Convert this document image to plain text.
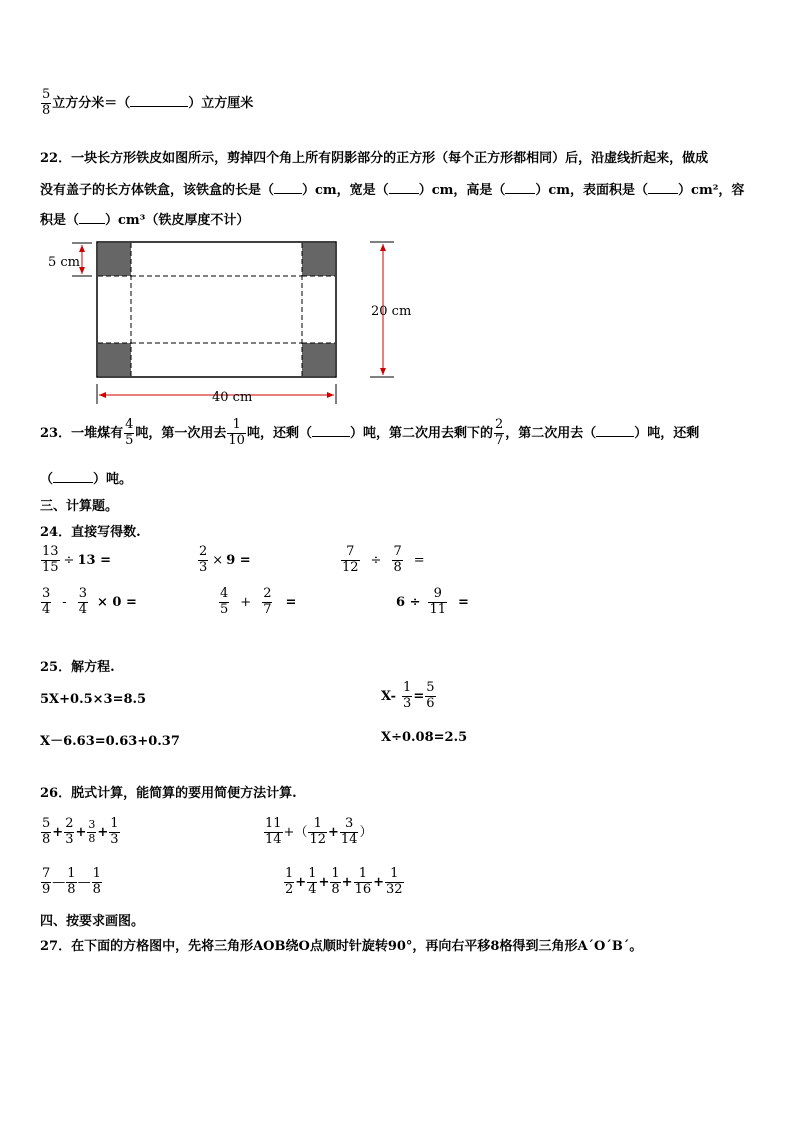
$\frac{5}{8}$ 立方分米＝（	）立方厘米
22．一块长方形铁皮如图所示，剪掉四个角上所有阴影部分的正方形（每个正方形都相同）后，沿虚线折起来，做成
没有盖子的长方体铁盒，该铁盒的长是（ ）cm，宽是（ ）cm，高是（ ）cm，表面积是（ ）cm²，容
积是（ ）cm³（铁皮厚度不计）
5 cm
20 cm
40 cm
23．一堆煤有 $\frac{4}{5}$ 吨，第一次用去 $\frac{1}{10}$ 吨，还剩（	）吨，第二次用去剩下的 $\frac{2}{7}$ ，第二次用去（	）吨，还剩
（	）吨。
三、计算题。
24．直接写得数.
$\frac{13}{15} \div 13$ =	$\frac{2}{3} \times 9$ =	$\frac{7}{12} \div \frac{7}{8}$ =
$\frac{3}{4} - \frac{3}{4} \times 0$ =	$\frac{4}{5} + \frac{2}{7}$ =	$6 \div \frac{9}{11}$ =
25．解方程.
5X+0.5×3=8.5	$X- \frac{1}{3} = \frac{5}{6}$
X－6.63=0.63+0.37	X÷0.08=2.5
26．脱式计算，能简算的要用简便方法计算.
$\frac{5}{8} + \frac{2}{3} + \frac{3}{8} + \frac{1}{3}$	$\frac{11}{14}$ +（ $\frac{1}{12} + \frac{3}{14}$ ）
$\frac{7}{9}$ — $\frac{1}{8}$ — $\frac{1}{8}$	$\frac{1}{2} + \frac{1}{4} + \frac{1}{8} + \frac{1}{16} + \frac{1}{32}$
四、按要求画图。
27．在下面的方格图中，先将三角形AOB绕O点顺时针旋转90°，再向右平移8格得到三角形A´O´B´。
